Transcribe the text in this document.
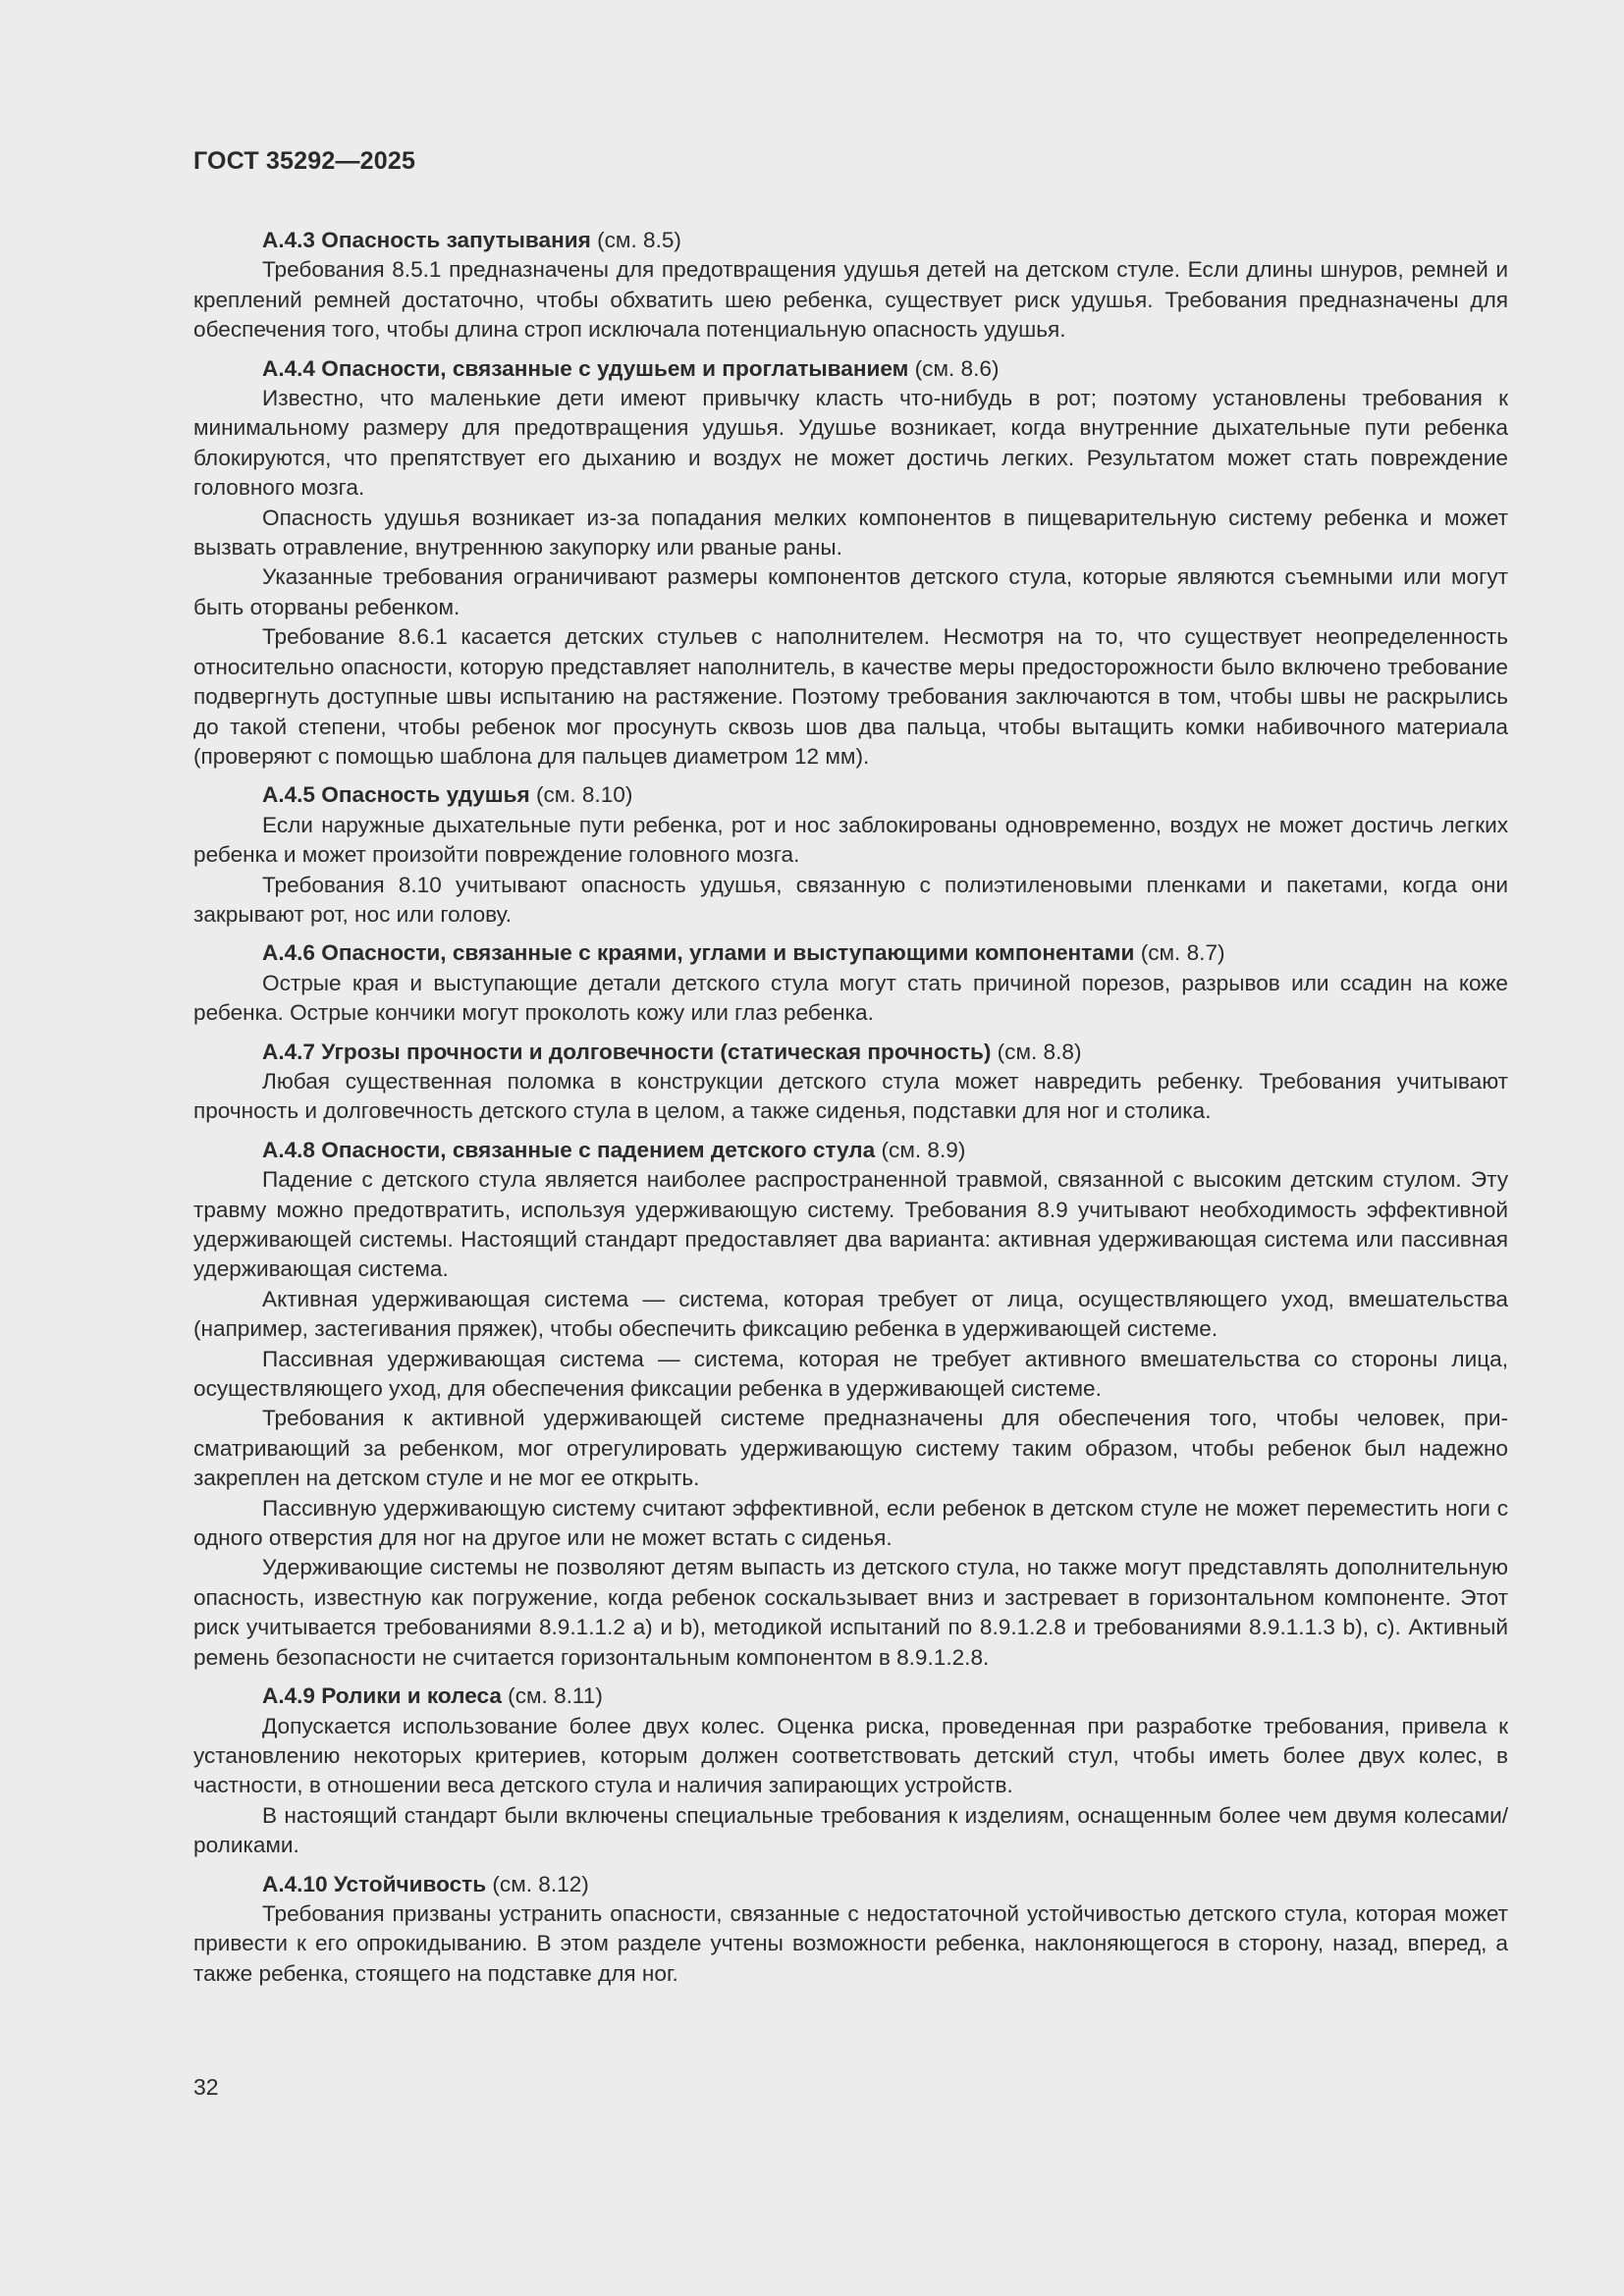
ГОСТ 35292—2025

А.4.3 Опасность запутывания (см. 8.5)

Требования 8.5.1 предназначены для предотвращения удушья детей на детском стуле. Если длины шнуров, ремней и креплений ремней достаточно, чтобы обхватить шею ребенка, существует риск удушья. Требования предназначены для обеспечения того, чтобы длина строп исключала потенциальную опасность удушья.

А.4.4 Опасности, связанные с удушьем и проглатыванием (см. 8.6)

Известно, что маленькие дети имеют привычку класть что-нибудь в рот; поэтому установлены требования к минимальному размеру для предотвращения удушья. Удушье возникает, когда внутренние дыхательные пути ребенка блокируются, что препятствует его дыханию и воздух не может достичь легких. Результатом может стать повреждение головного мозга.

Опасность удушья возникает из-за попадания мелких компонентов в пищеварительную систему ребенка и может вызвать отравление, внутреннюю закупорку или рваные раны.

Указанные требования ограничивают размеры компонентов детского стула, которые являются съемными или могут быть оторваны ребенком.

Требование 8.6.1 касается детских стульев с наполнителем. Несмотря на то, что существует неопределенность относительно опасности, которую представляет наполнитель, в качестве меры предосторожности было включено требование подвергнуть доступные швы испытанию на растяжение. Поэтому требования заключаются в том, чтобы швы не раскрылись до такой степени, чтобы ребенок мог просунуть сквозь шов два пальца, чтобы вытащить комки набивочного материала (проверяют с помощью шаблона для пальцев диаметром 12 мм).

А.4.5 Опасность удушья (см. 8.10)

Если наружные дыхательные пути ребенка, рот и нос заблокированы одновременно, воздух не может достичь легких ребенка и может произойти повреждение головного мозга.

Требования 8.10 учитывают опасность удушья, связанную с полиэтиленовыми пленками и пакетами, когда они закрывают рот, нос или голову.

А.4.6 Опасности, связанные с краями, углами и выступающими компонентами (см. 8.7)

Острые края и выступающие детали детского стула могут стать причиной порезов, разрывов или ссадин на коже ребенка. Острые кончики могут проколоть кожу или глаз ребенка.

А.4.7 Угрозы прочности и долговечности (статическая прочность) (см. 8.8)

Любая существенная поломка в конструкции детского стула может навредить ребенку. Требования учитывают прочность и долговечность детского стула в целом, а также сиденья, подставки для ног и столика.

А.4.8 Опасности, связанные с падением детского стула (см. 8.9)

Падение с детского стула является наиболее распространенной травмой, связанной с высоким детским стулом. Эту травму можно предотвратить, используя удерживающую систему. Требования 8.9 учитывают необходимость эффективной удерживающей системы. Настоящий стандарт предоставляет два варианта: активная удерживающая система или пассивная удерживающая система.

Активная удерживающая система — система, которая требует от лица, осуществляющего уход, вмешательства (например, застегивания пряжек), чтобы обеспечить фиксацию ребенка в удерживающей системе.

Пассивная удерживающая система — система, которая не требует активного вмешательства со стороны лица, осуществляющего уход, для обеспечения фиксации ребенка в удерживающей системе.

Требования к активной удерживающей системе предназначены для обеспечения того, чтобы человек, присматривающий за ребенком, мог отрегулировать удерживающую систему таким образом, чтобы ребенок был надежно закреплен на детском стуле и не мог ее открыть.

Пассивную удерживающую систему считают эффективной, если ребенок в детском стуле не может переместить ноги с одного отверстия для ног на другое или не может встать с сиденья.

Удерживающие системы не позволяют детям выпасть из детского стула, но также могут представлять дополнительную опасность, известную как погружение, когда ребенок соскальзывает вниз и застревает в горизонтальном компоненте. Этот риск учитывается требованиями 8.9.1.1.2 а) и b), методикой испытаний по 8.9.1.2.8 и требованиями 8.9.1.1.3 b), c). Активный ремень безопасности не считается горизонтальным компонентом в 8.9.1.2.8.

А.4.9 Ролики и колеса (см. 8.11)

Допускается использование более двух колес. Оценка риска, проведенная при разработке требования, привела к установлению некоторых критериев, которым должен соответствовать детский стул, чтобы иметь более двух колес, в частности, в отношении веса детского стула и наличия запирающих устройств.

В настоящий стандарт были включены специальные требования к изделиям, оснащенным более чем двумя колесами/роликами.

А.4.10 Устойчивость (см. 8.12)

Требования призваны устранить опасности, связанные с недостаточной устойчивостью детского стула, которая может привести к его опрокидыванию. В этом разделе учтены возможности ребенка, наклоняющегося в сторону, назад, вперед, а также ребенка, стоящего на подставке для ног.

32
